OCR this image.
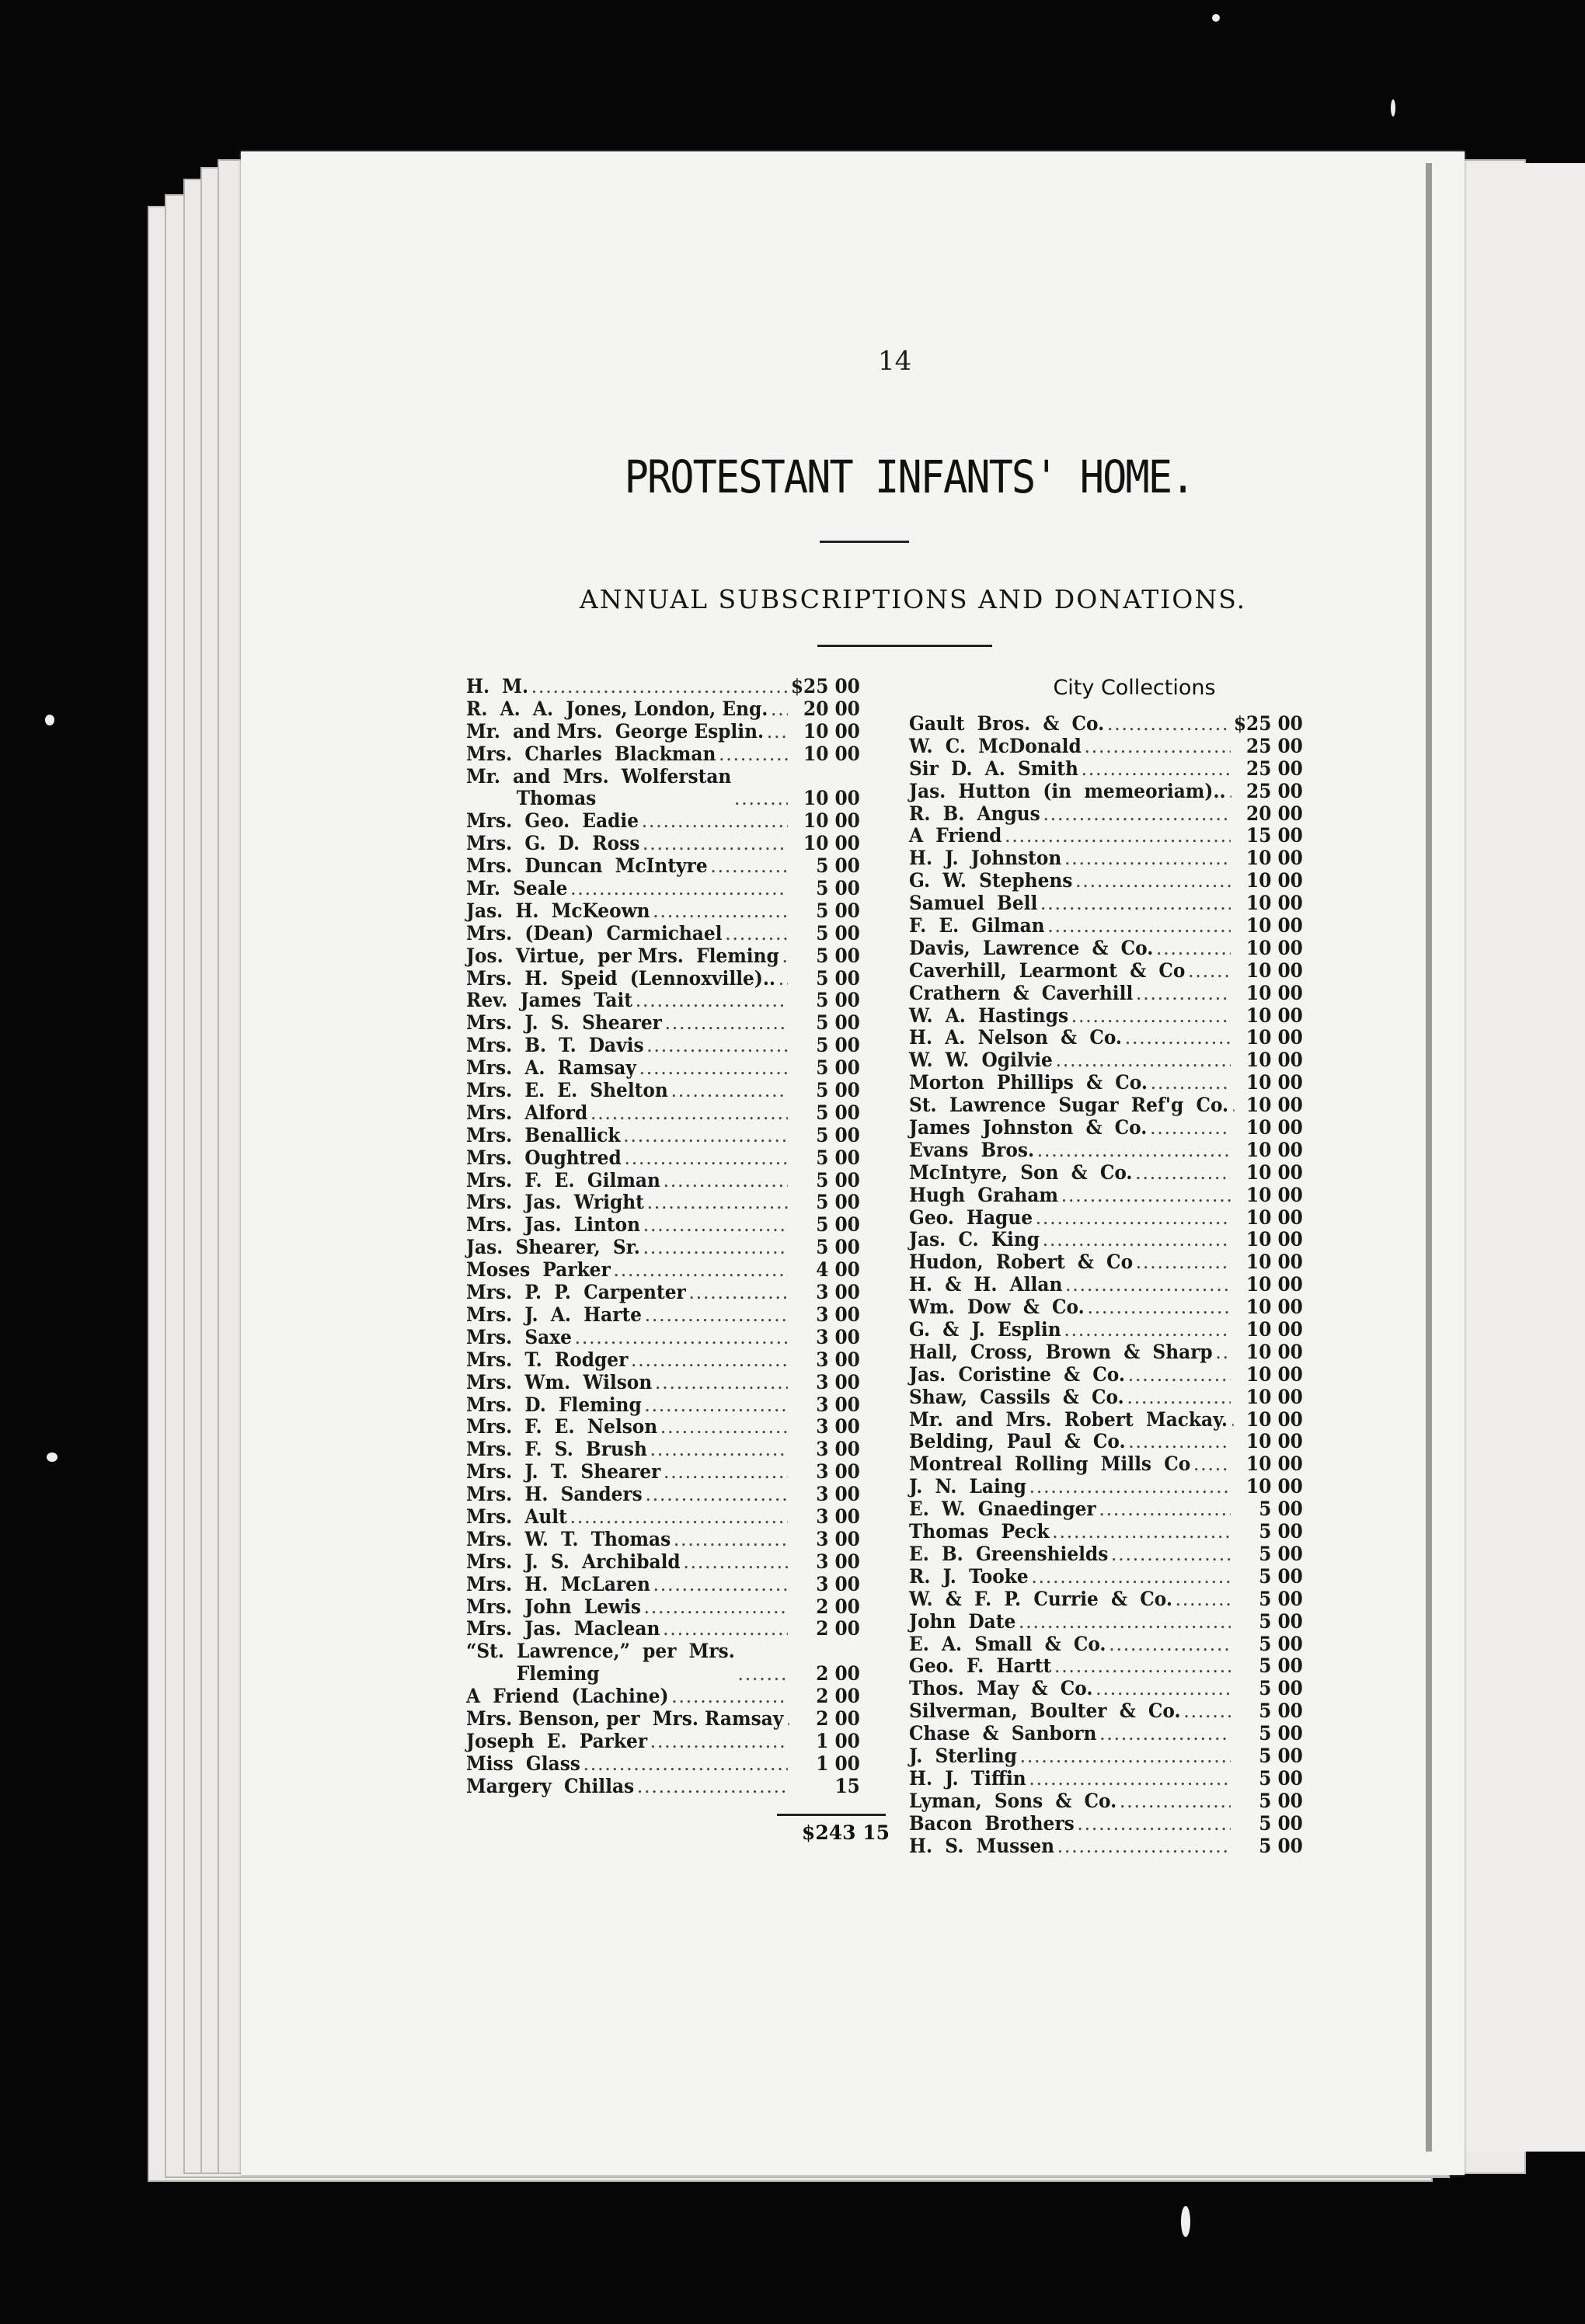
14
PROTESTANT INFANTS' HOME.
ANNUAL SUBSCRIPTIONS AND DONATIONS.
City Collections
H.  M. .....	$25 00
R.  A.  A.  Jones, London, Eng. .....	20 00
Mr.  and Mrs.  George Esplin. .....	10 00
Mrs.  Charles  Blackman .....	10 00
Mr.  and  Mrs.  Wolferstan
Thomas .....	10 00
Mrs.  Geo.  Eadie .....	10 00
Mrs.  G.  D.  Ross .....	10 00
Mrs.  Duncan  McIntyre .....	5 00
Mr.  Seale .....	5 00
Jas.  H.  McKeown .....	5 00
Mrs.  (Dean)  Carmichael .....	5 00
Jos.  Virtue,  per Mrs.  Fleming .....	5 00
Mrs.  H.  Speid  (Lennoxville).. .....	5 00
Rev.  James  Tait .....	5 00
Mrs.  J.  S.  Shearer .....	5 00
Mrs.  B.  T.  Davis .....	5 00
Mrs.  A.  Ramsay .....	5 00
Mrs.  E.  E.  Shelton .....	5 00
Mrs.  Alford .....	5 00
Mrs.  Benallick .....	5 00
Mrs.  Oughtred .....	5 00
Mrs.  F.  E.  Gilman .....	5 00
Mrs.  Jas.  Wright .....	5 00
Mrs.  Jas.  Linton .....	5 00
Jas.  Shearer,  Sr. .....	5 00
Moses  Parker .....	4 00
Mrs.  P.  P.  Carpenter .....	3 00
Mrs.  J.  A.  Harte .....	3 00
Mrs.  Saxe .....	3 00
Mrs.  T.  Rodger .....	3 00
Mrs.  Wm.  Wilson .....	3 00
Mrs.  D.  Fleming .....	3 00
Mrs.  F.  E.  Nelson .....	3 00
Mrs.  F.  S.  Brush .....	3 00
Mrs.  J.  T.  Shearer .....	3 00
Mrs.  H.  Sanders .....	3 00
Mrs.  Ault .....	3 00
Mrs.  W.  T.  Thomas .....	3 00
Mrs.  J.  S.  Archibald .....	3 00
Mrs.  H.  McLaren .....	3 00
Mrs.  John  Lewis .....	2 00
Mrs.  Jas.  Maclean .....	2 00
“St.  Lawrence,”  per  Mrs.
Fleming .....	2 00
A  Friend  (Lachine) .....	2 00
Mrs. Benson, per  Mrs. Ramsay .....	2 00
Joseph  E.  Parker .....	1 00
Miss  Glass .....	1 00
Margery  Chillas .....	15
Gault  Bros.  &  Co. .....	$25 00
W.  C.  McDonald .....	25 00
Sir  D.  A.  Smith .....	25 00
Jas.  Hutton  (in  memeoriam).. .....	25 00
R.  B.  Angus .....	20 00
A  Friend .....	15 00
H.  J.  Johnston .....	10 00
G.  W.  Stephens .....	10 00
Samuel  Bell .....	10 00
F.  E.  Gilman .....	10 00
Davis,  Lawrence  &  Co. .....	10 00
Caverhill,  Learmont  &  Co .....	10 00
Crathern  &  Caverhill .....	10 00
W.  A.  Hastings .....	10 00
H.  A.  Nelson  &  Co. .....	10 00
W.  W.  Ogilvie .....	10 00
Morton  Phillips  &  Co. .....	10 00
St.  Lawrence  Sugar  Ref'g  Co. ..... 10 00
James  Johnston  &  Co. .....	10 00
Evans  Bros. .....	10 00
McIntyre,  Son  &  Co. .....	10 00
Hugh  Graham .....	10 00
Geo.  Hague .....	10 00
Jas.  C.  King .....	10 00
Hudon,  Robert  &  Co .....	10 00
H.  &  H.  Allan .....	10 00
Wm.  Dow  &  Co. .....	10 00
G.  &  J.  Esplin .....	10 00
Hall,  Cross,  Brown  &  Sharp .....	10 00
Jas.  Coristine  &  Co. .....	10 00
Shaw,  Cassils  &  Co. .....	10 00
Mr.  and  Mrs.  Robert  Mackay. ..... 10 00
Belding,  Paul  &  Co. .....	10 00
Montreal  Rolling  Mills  Co .....	10 00
J.  N.  Laing .....	10 00
E.  W.  Gnaedinger .....	5 00
Thomas  Peck .....	5 00
E.  B.  Greenshields .....	5 00
R.  J.  Tooke .....	5 00
W.  &  F.  P.  Currie  &  Co. .....	5 00
John  Date .....	5 00
E.  A.  Small  &  Co. .....	5 00
Geo.  F.  Hartt .....	5 00
Thos.  May  &  Co. .....	5 00
Silverman,  Boulter  &  Co. .....	5 00
Chase  &  Sanborn .....	5 00
J.  Sterling .....	5 00
H.  J.  Tiffin .....	5 00
Lyman,  Sons  &  Co. .....	5 00
Bacon  Brothers .....	5 00
H.  S.  Mussen .....	5 00
$243 15
